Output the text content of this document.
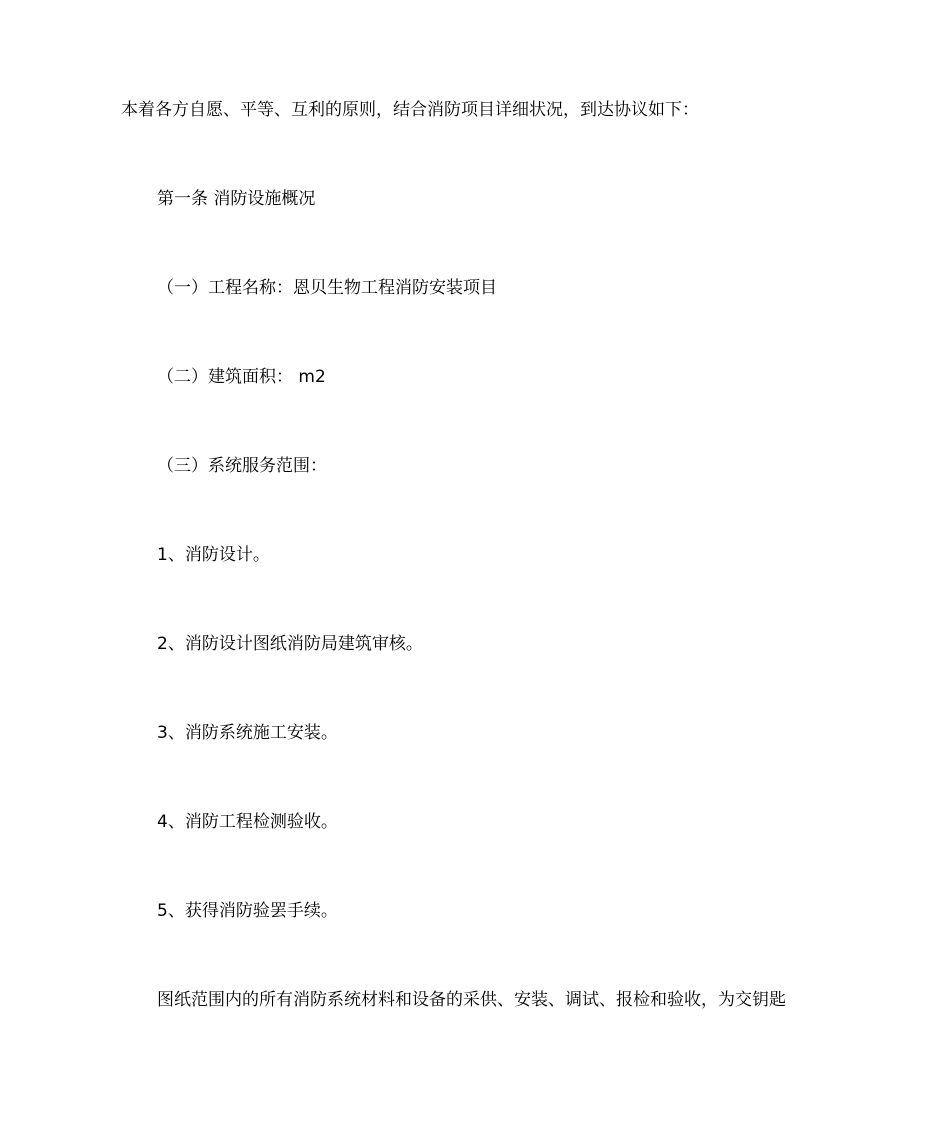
本着各方自愿、平等、互利的原则，结合消防项目详细状况，到达协议如下：
第一条 消防设施概况
（一）工程名称：恩贝生物工程消防安装项目
（二）建筑面积： m2
（三）系统服务范围：
1、消防设计。
2、消防设计图纸消防局建筑审核。
3、消防系统施工安装。
4、消防工程检测验收。
5、获得消防验罢手续。
图纸范围内的所有消防系统材料和设备的采供、安装、调试、报检和验收，为交钥匙
